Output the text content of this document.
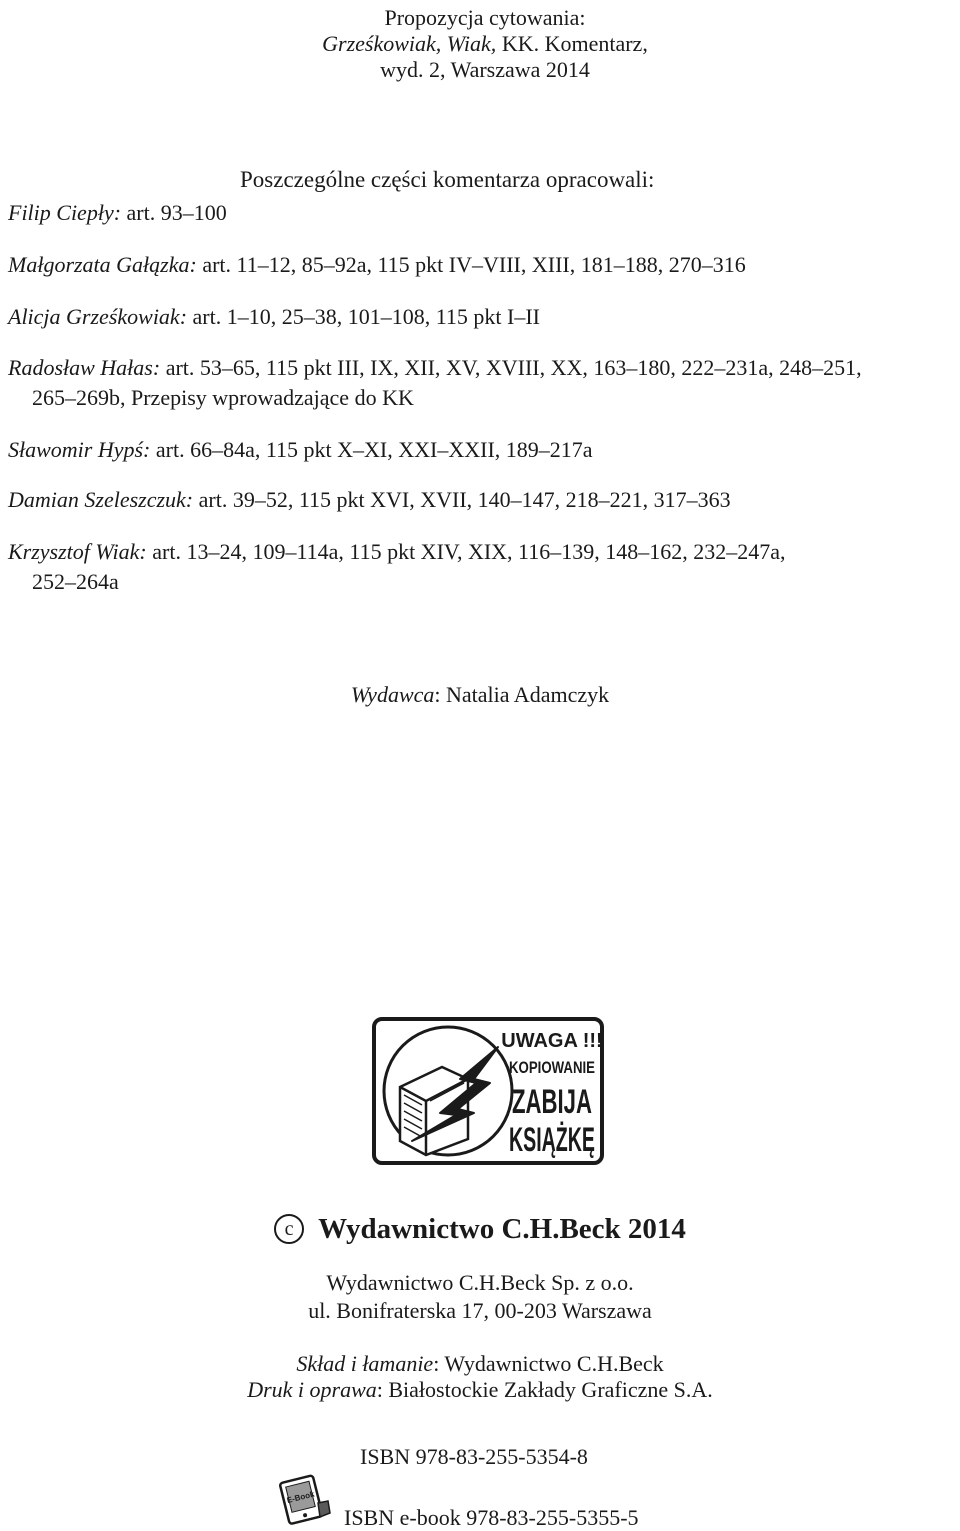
Propozycja cytowania:
Grześkowiak, Wiak, KK. Komentarz,
wyd. 2, Warszawa 2014
Poszczególne części komentarza opracowali:
Filip Ciepły: art. 93–100
Małgorzata Gałązka: art. 11–12, 85–92a, 115 pkt IV–VIII, XIII, 181–188, 270–316
Alicja Grześkowiak: art. 1–10, 25–38, 101–108, 115 pkt I–II
Radosław Hałas: art. 53–65, 115 pkt III, IX, XII, XV, XVIII, XX, 163–180, 222–231a, 248–251,
265–269b, Przepisy wprowadzające do KK
Sławomir Hypś: art. 66–84a, 115 pkt X–XI, XXI–XXII, 189–217a
Damian Szeleszczuk: art. 39–52, 115 pkt XVI, XVII, 140–147, 218–221, 317–363
Krzysztof Wiak: art. 13–24, 109–114a, 115 pkt XIV, XIX, 116–139, 148–162, 232–247a,
252–264a
Wydawca: Natalia Adamczyk
UWAGA !!!
KOPIOWANIE
ZABIJA
KSIĄŻKĘ
c Wydawnictwo C.H.Beck 2014
Wydawnictwo C.H.Beck Sp. z o.o.
ul. Bonifraterska 17, 00-203 Warszawa
Skład i łamanie: Wydawnictwo C.H.Beck
Druk i oprawa: Białostockie Zakłady Graficzne S.A.
ISBN 978-83-255-5354-8
E-Book
ISBN e-book 978-83-255-5355-5
